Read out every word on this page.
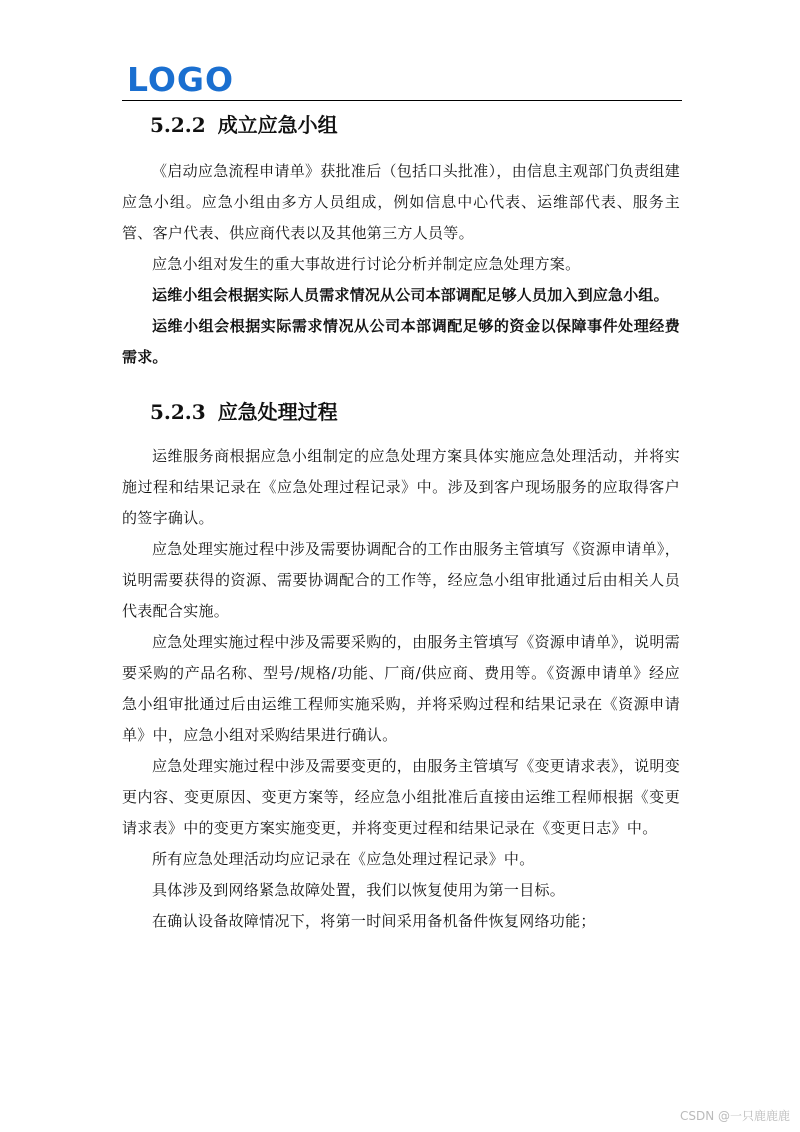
LOGO
5.2.2 成立应急小组

《启动应急流程申请单》获批准后（包括口头批准），由信息主观部门负责组建应急小组。应急小组由多方人员组成，例如信息中心代表、运维部代表、服务主管、客户代表、供应商代表以及其他第三方人员等。

应急小组对发生的重大事故进行讨论分析并制定应急处理方案。

运维小组会根据实际人员需求情况从公司本部调配足够人员加入到应急小组。

运维小组会根据实际需求情况从公司本部调配足够的资金以保障事件处理经费需求。

5.2.3 应急处理过程

运维服务商根据应急小组制定的应急处理方案具体实施应急处理活动，并将实施过程和结果记录在《应急处理过程记录》中。涉及到客户现场服务的应取得客户的签字确认。

应急处理实施过程中涉及需要协调配合的工作由服务主管填写《资源申请单》，说明需要获得的资源、需要协调配合的工作等，经应急小组审批通过后由相关人员代表配合实施。

应急处理实施过程中涉及需要采购的，由服务主管填写《资源申请单》，说明需要采购的产品名称、型号/规格/功能、厂商/供应商、费用等。《资源申请单》经应急小组审批通过后由运维工程师实施采购，并将采购过程和结果记录在《资源申请单》中，应急小组对采购结果进行确认。

应急处理实施过程中涉及需要变更的，由服务主管填写《变更请求表》，说明变更内容、变更原因、变更方案等，经应急小组批准后直接由运维工程师根据《变更请求表》中的变更方案实施变更，并将变更过程和结果记录在《变更日志》中。

所有应急处理活动均应记录在《应急处理过程记录》中。

具体涉及到网络紧急故障处置，我们以恢复使用为第一目标。

在确认设备故障情况下，将第一时间采用备机备件恢复网络功能；

CSDN @一只鹿鹿鹿
